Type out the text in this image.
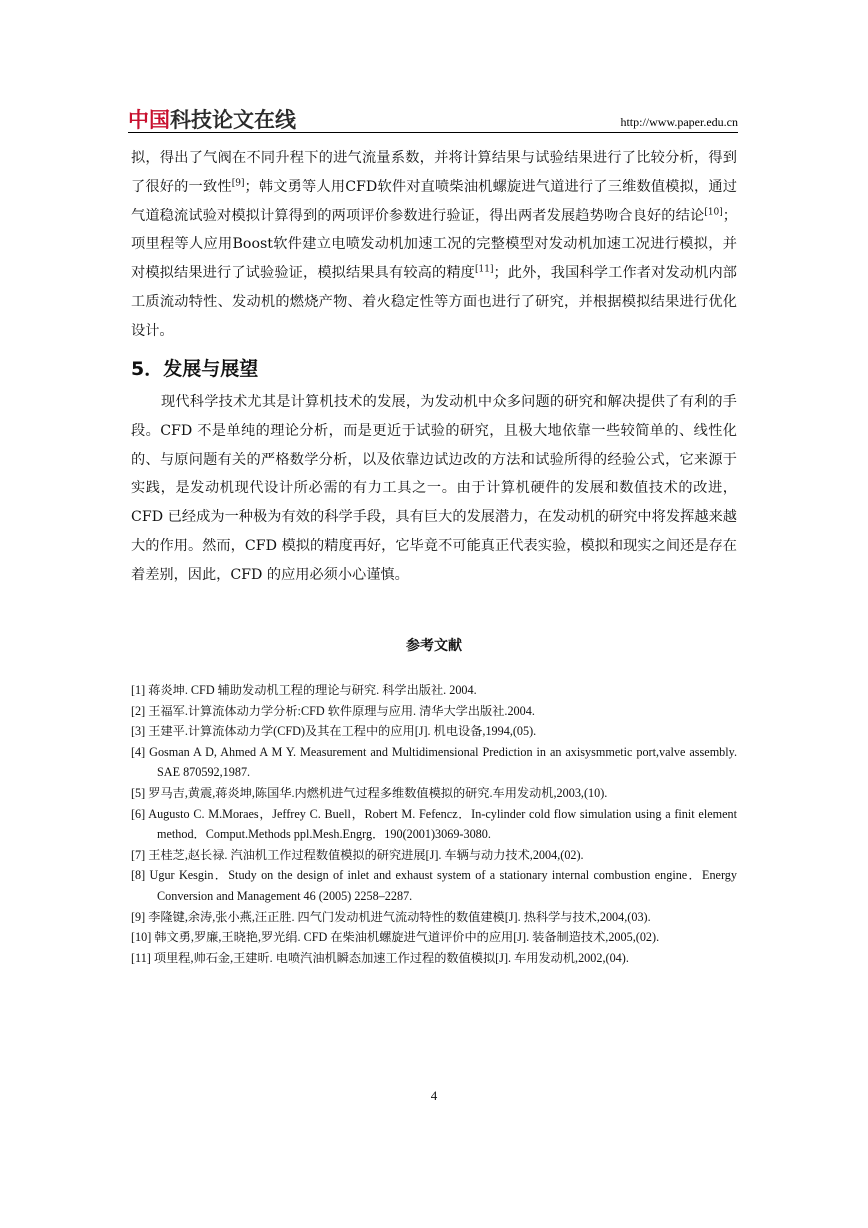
中国科技论文在线	http://www.paper.edu.cn
拟，得出了气阀在不同升程下的进气流量系数，并将计算结果与试验结果进行了比较分析，得到了很好的一致性[9]；韩文勇等人用CFD软件对直喷柴油机螺旋进气道进行了三维数值模拟，通过气道稳流试验对模拟计算得到的两项评价参数进行验证，得出两者发展趋势吻合良好的结论[10]；项里程等人应用Boost软件建立电喷发动机加速工况的完整模型对发动机加速工况进行模拟，并对模拟结果进行了试验验证，模拟结果具有较高的精度[11]；此外，我国科学工作者对发动机内部工质流动特性、发动机的燃烧产物、着火稳定性等方面也进行了研究，并根据模拟结果进行优化设计。
5．发展与展望
现代科学技术尤其是计算机技术的发展，为发动机中众多问题的研究和解决提供了有利的手段。CFD 不是单纯的理论分析，而是更近于试验的研究，且极大地依靠一些较简单的、线性化的、与原问题有关的严格数学分析，以及依靠边试边改的方法和试验所得的经验公式，它来源于实践，是发动机现代设计所必需的有力工具之一。由于计算机硬件的发展和数值技术的改进，CFD 已经成为一种极为有效的科学手段，具有巨大的发展潜力，在发动机的研究中将发挥越来越大的作用。然而，CFD 模拟的精度再好，它毕竟不可能真正代表实验，模拟和现实之间还是存在着差别，因此，CFD 的应用必须小心谨慎。
参考文献
[1] 蒋炎坤. CFD 辅助发动机工程的理论与研究. 科学出版社. 2004.
[2] 王福军.计算流体动力学分析:CFD 软件原理与应用. 清华大学出版社.2004.
[3] 王建平.计算流体动力学(CFD)及其在工程中的应用[J]. 机电设备,1994,(05).
[4] Gosman A D, Ahmed A M Y. Measurement and Multidimensional Prediction in an axisysmmetic port,valve assembly. SAE 870592,1987.
[5] 罗马吉,黄震,蒋炎坤,陈国华.内燃机进气过程多维数值模拟的研究.车用发动机,2003,(10).
[6] Augusto C. M.Moraes，Jeffrey C. Buell，Robert M. Fefencz．In-cylinder cold flow simulation using a finit element method．Comput.Methods ppl.Mesh.Engrg．190(2001)3069-3080.
[7] 王桂芝,赵长禄. 汽油机工作过程数值模拟的研究进展[J]. 车辆与动力技术,2004,(02).
[8] Ugur Kesgin．Study on the design of inlet and exhaust system of a stationary internal combustion engine．Energy Conversion and Management 46 (2005) 2258–2287.
[9] 李隆键,余涛,张小燕,汪正胜. 四气门发动机进气流动特性的数值建模[J]. 热科学与技术,2004,(03).
[10] 韩文勇,罗廉,王晓艳,罗光绢. CFD 在柴油机螺旋进气道评价中的应用[J]. 装备制造技术,2005,(02).
[11] 项里程,帅石金,王建昕. 电喷汽油机瞬态加速工作过程的数值模拟[J]. 车用发动机,2002,(04).
4
